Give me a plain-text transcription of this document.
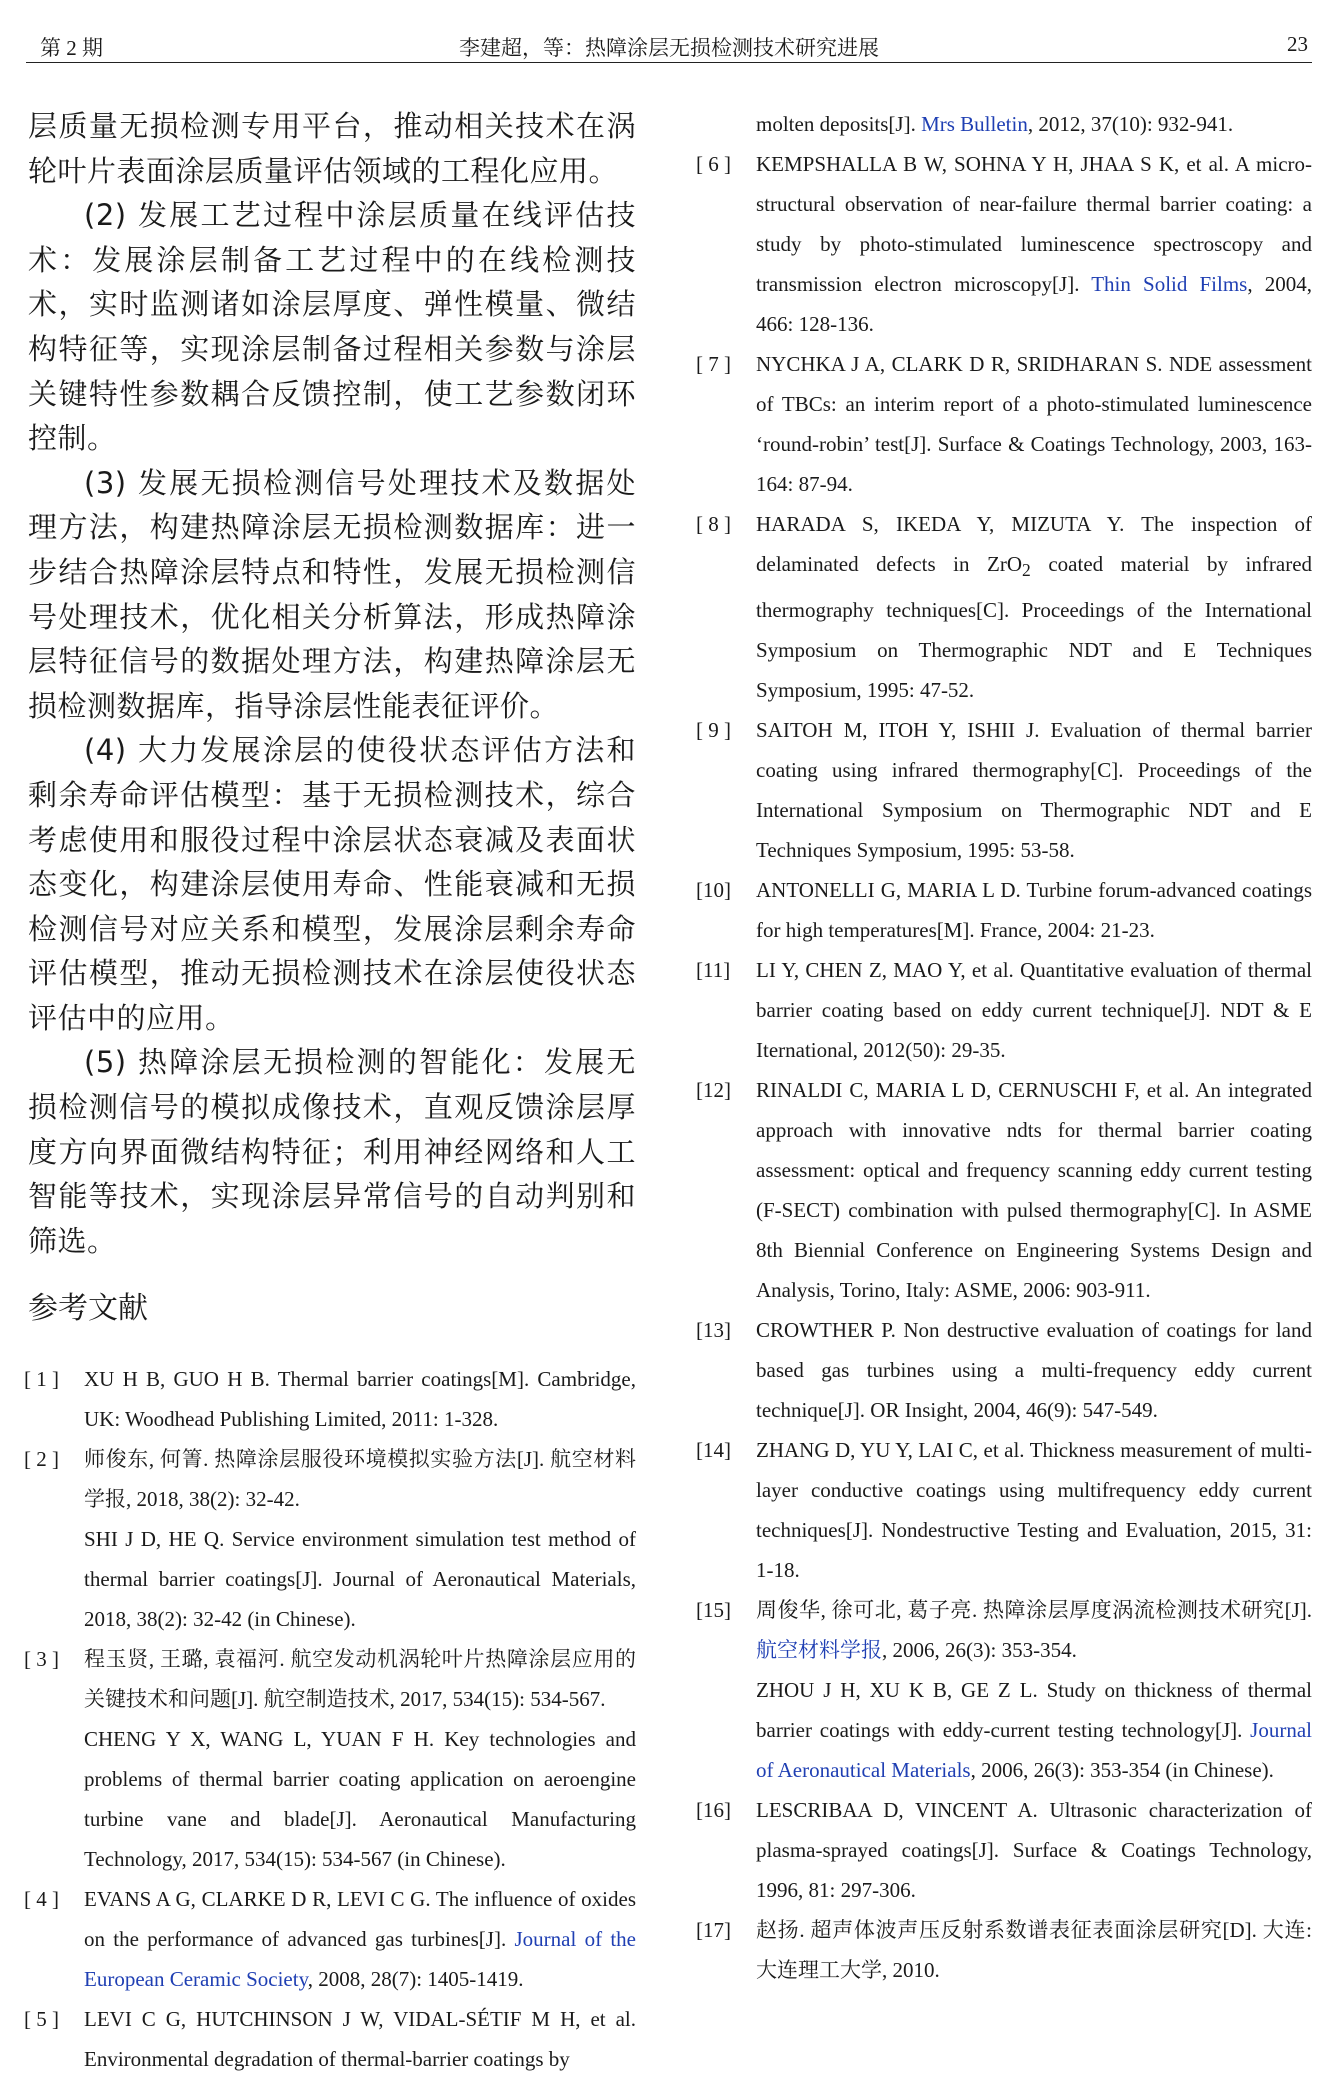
第 2 期	李建超，等：热障涂层无损检测技术研究进展	23

层质量无损检测专用平台，推动相关技术在涡轮叶片表面涂层质量评估领域的工程化应用。

(2) 发展工艺过程中涂层质量在线评估技术：发展涂层制备工艺过程中的在线检测技术，实时监测诸如涂层厚度、弹性模量、微结构特征等，实现涂层制备过程相关参数与涂层关键特性参数耦合反馈控制，使工艺参数闭环控制。

(3) 发展无损检测信号处理技术及数据处理方法，构建热障涂层无损检测数据库：进一步结合热障涂层特点和特性，发展无损检测信号处理技术，优化相关分析算法，形成热障涂层特征信号的数据处理方法，构建热障涂层无损检测数据库，指导涂层性能表征评价。

(4) 大力发展涂层的使役状态评估方法和剩余寿命评估模型：基于无损检测技术，综合考虑使用和服役过程中涂层状态衰减及表面状态变化，构建涂层使用寿命、性能衰减和无损检测信号对应关系和模型，发展涂层剩余寿命评估模型，推动无损检测技术在涂层使役状态评估中的应用。

(5) 热障涂层无损检测的智能化：发展无损检测信号的模拟成像技术，直观反馈涂层厚度方向界面微结构特征；利用神经网络和人工智能等技术，实现涂层异常信号的自动判别和筛选。

参考文献
[ 1 ]	XU H B, GUO H B. Thermal barrier coatings[M]. Cambridge, UK: Woodhead Publishing Limited, 2011: 1-328.
[ 2 ]	师俊东, 何箐. 热障涂层服役环境模拟实验方法[J]. 航空材料学报, 2018, 38(2): 32-42.
SHI J D, HE Q. Service environment simulation test method of thermal barrier coatings[J]. Journal of Aeronautical Materials, 2018, 38(2): 32-42 (in Chinese).
[ 3 ]	程玉贤, 王璐, 袁福河. 航空发动机涡轮叶片热障涂层应用的关键技术和问题[J]. 航空制造技术, 2017, 534(15): 534-567.
CHENG Y X, WANG L, YUAN F H. Key technologies and problems of thermal barrier coating application on aeroengine turbine vane and blade[J]. Aeronautical Manufacturing Technology, 2017, 534(15): 534-567 (in Chinese).
[ 4 ]	EVANS A G, CLARKE D R, LEVI C G. The influence of oxides on the performance of advanced gas turbines[J]. Journal of the European Ceramic Society, 2008, 28(7): 1405-1419.
[ 5 ]	LEVI C G, HUTCHINSON J W, VIDAL-SÉTIF M H, et al. Environmental degradation of thermal-barrier coatings by
molten deposits[J]. Mrs Bulletin, 2012, 37(10): 932-941.
[ 6 ]	KEMPSHALLA B W, SOHNA Y H, JHAA S K, et al. A micro-structural observation of near-failure thermal barrier coating: a study by photo-stimulated luminescence spectroscopy and transmission electron microscopy[J]. Thin Solid Films, 2004, 466: 128-136.
[ 7 ]	NYCHKA J A, CLARK D R, SRIDHARAN S. NDE assessment of TBCs: an interim report of a photo-stimulated luminescence ‘round-robin’ test[J]. Surface & Coatings Technology, 2003, 163-164: 87-94.
[ 8 ]	HARADA S, IKEDA Y, MIZUTA Y. The inspection of delaminated defects in ZrO$_2$ coated material by infrared thermography techniques[C]. Proceedings of the International Symposium on Thermographic NDT and E Techniques Symposium, 1995: 47-52.
[ 9 ]	SAITOH M, ITOH Y, ISHII J. Evaluation of thermal barrier coating using infrared thermography[C]. Proceedings of the International Symposium on Thermographic NDT and E Techniques Symposium, 1995: 53-58.
[10]	ANTONELLI G, MARIA L D. Turbine forum-advanced coatings for high temperatures[M]. France, 2004: 21-23.
[11]	LI Y, CHEN Z, MAO Y, et al. Quantitative evaluation of thermal barrier coating based on eddy current technique[J]. NDT & E Iternational, 2012(50): 29-35.
[12]	RINALDI C, MARIA L D, CERNUSCHI F, et al. An integrated approach with innovative ndts for thermal barrier coating assessment: optical and frequency scanning eddy current testing (F-SECT) combination with pulsed thermography[C]. In ASME 8th Biennial Conference on Engineering Systems Design and Analysis, Torino, Italy: ASME, 2006: 903-911.
[13]	CROWTHER P. Non destructive evaluation of coatings for land based gas turbines using a multi-frequency eddy current technique[J]. OR Insight, 2004, 46(9): 547-549.
[14]	ZHANG D, YU Y, LAI C, et al. Thickness measurement of multi-layer conductive coatings using multifrequency eddy current techniques[J]. Nondestructive Testing and Evaluation, 2015, 31: 1-18.
[15]	周俊华, 徐可北, 葛子亮. 热障涂层厚度涡流检测技术研究[J]. 航空材料学报, 2006, 26(3): 353-354.
ZHOU J H, XU K B, GE Z L. Study on thickness of thermal barrier coatings with eddy-current testing technology[J]. Journal of Aeronautical Materials, 2006, 26(3): 353-354 (in Chinese).
[16]	LESCRIBAA D, VINCENT A. Ultrasonic characterization of plasma-sprayed coatings[J]. Surface & Coatings Technology, 1996, 81: 297-306.
[17]	赵扬. 超声体波声压反射系数谱表征表面涂层研究[D]. 大连: 大连理工大学, 2010.
